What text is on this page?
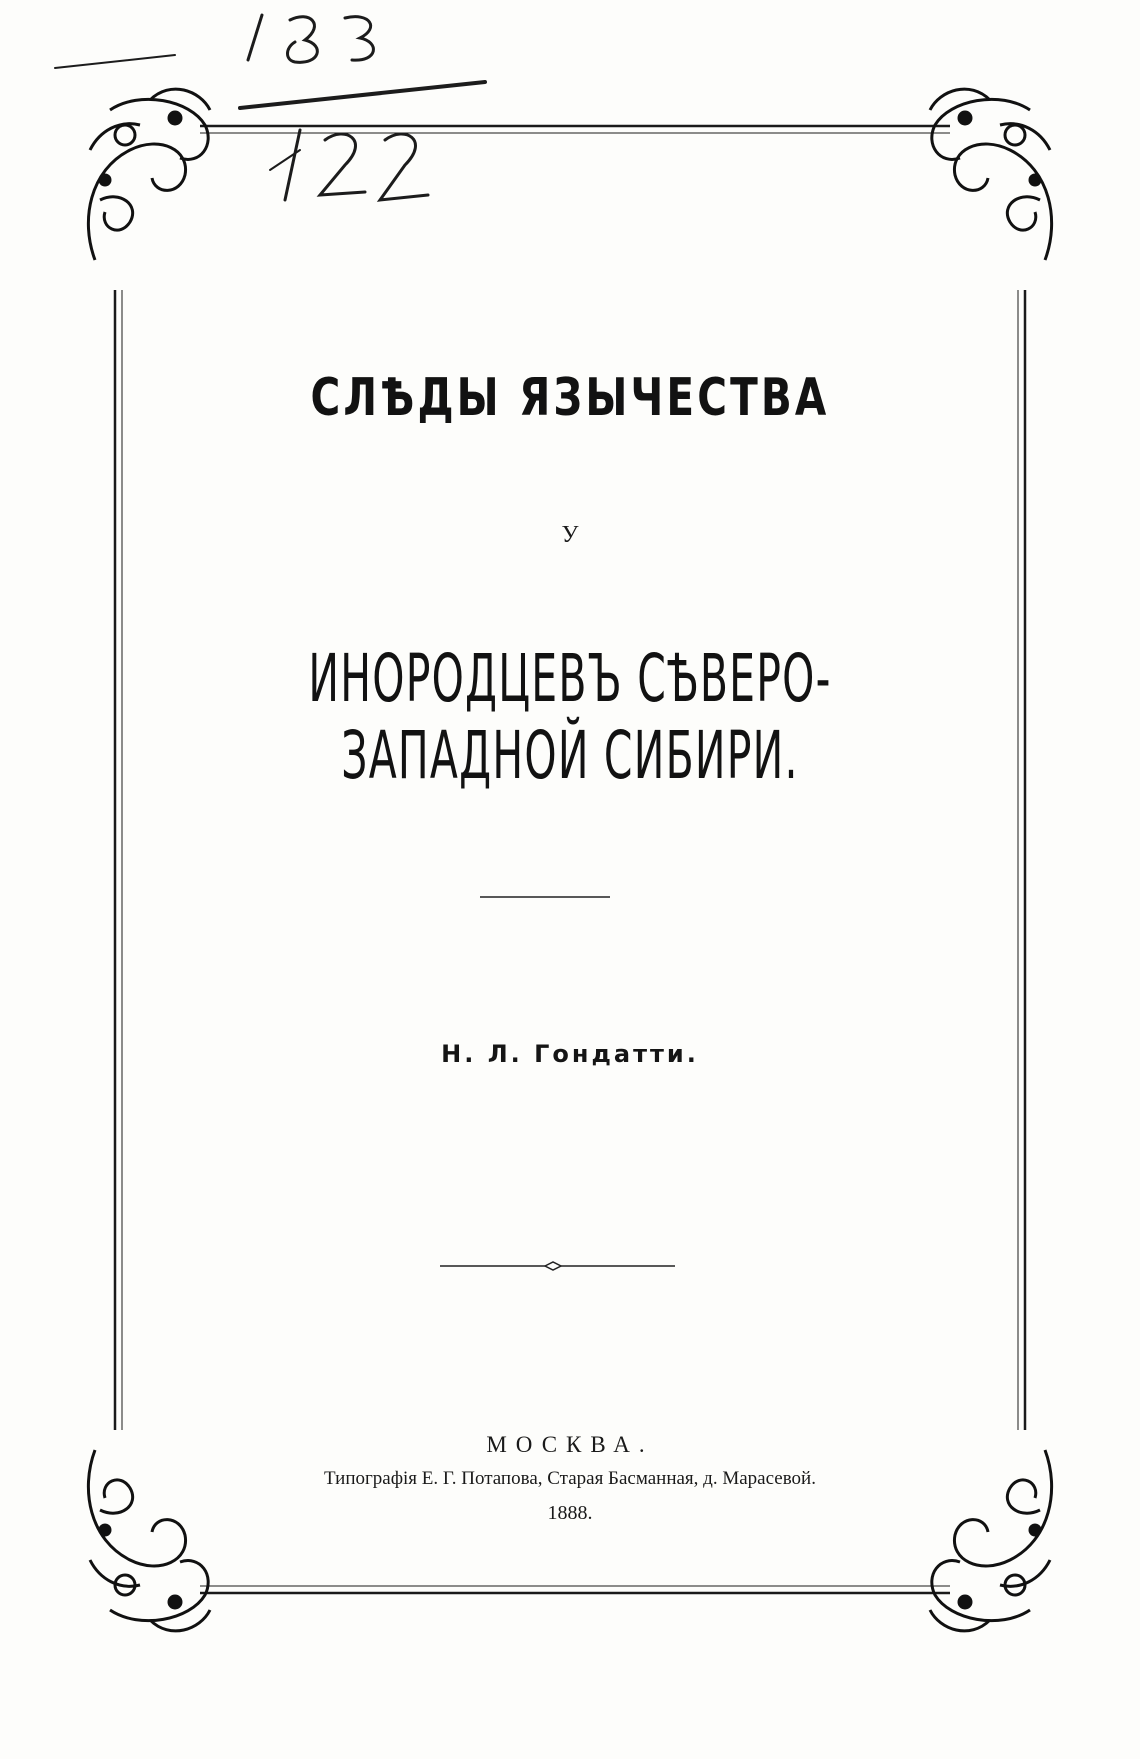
СЛѢДЫ ЯЗЫЧЕСТВА
У
ИНОРОДЦЕВЪ СѢВЕРО-ЗАПАДНОЙ СИБИРИ.
Н. Л. Гондатти.
МОСКВА.
Типографія Е. Г. Потапова, Старая Басманная, д. Марасевой.
1888.
